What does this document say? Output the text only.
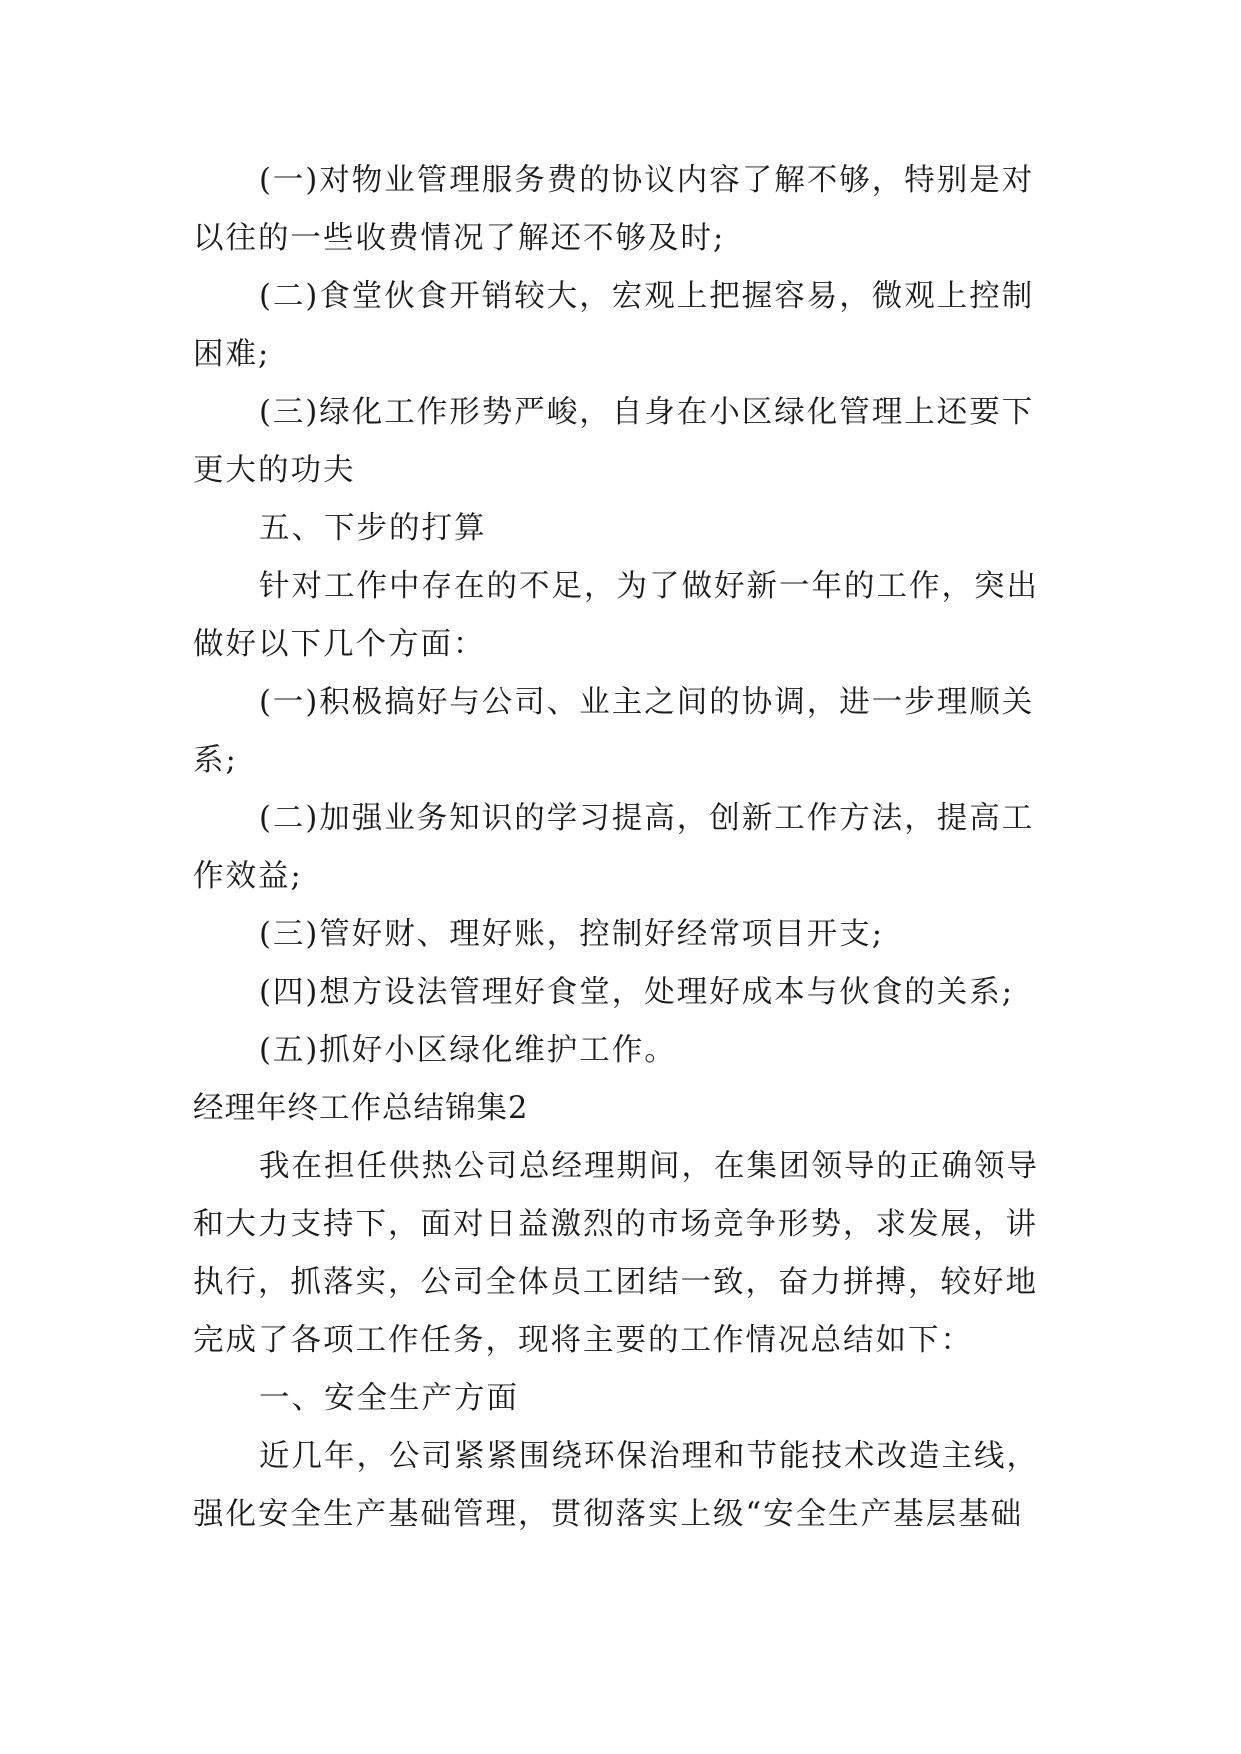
(一)对物业管理服务费的协议内容了解不够，特别是对
以往的一些收费情况了解还不够及时;
(二)食堂伙食开销较大，宏观上把握容易，微观上控制
困难;
(三)绿化工作形势严峻，自身在小区绿化管理上还要下
更大的功夫
五、下步的打算
针对工作中存在的不足，为了做好新一年的工作，突出
做好以下几个方面：
(一)积极搞好与公司、业主之间的协调，进一步理顺关
系;
(二)加强业务知识的学习提高，创新工作方法，提高工
作效益;
(三)管好财、理好账，控制好经常项目开支;
(四)想方设法管理好食堂，处理好成本与伙食的关系;
(五)抓好小区绿化维护工作。
经理年终工作总结锦集2
我在担任供热公司总经理期间，在集团领导的正确领导
和大力支持下，面对日益激烈的市场竞争形势，求发展，讲
执行，抓落实，公司全体员工团结一致，奋力拼搏，较好地
完成了各项工作任务，现将主要的工作情况总结如下：
一、安全生产方面
近几年，公司紧紧围绕环保治理和节能技术改造主线，
强化安全生产基础管理，贯彻落实上级“安全生产基层基础
